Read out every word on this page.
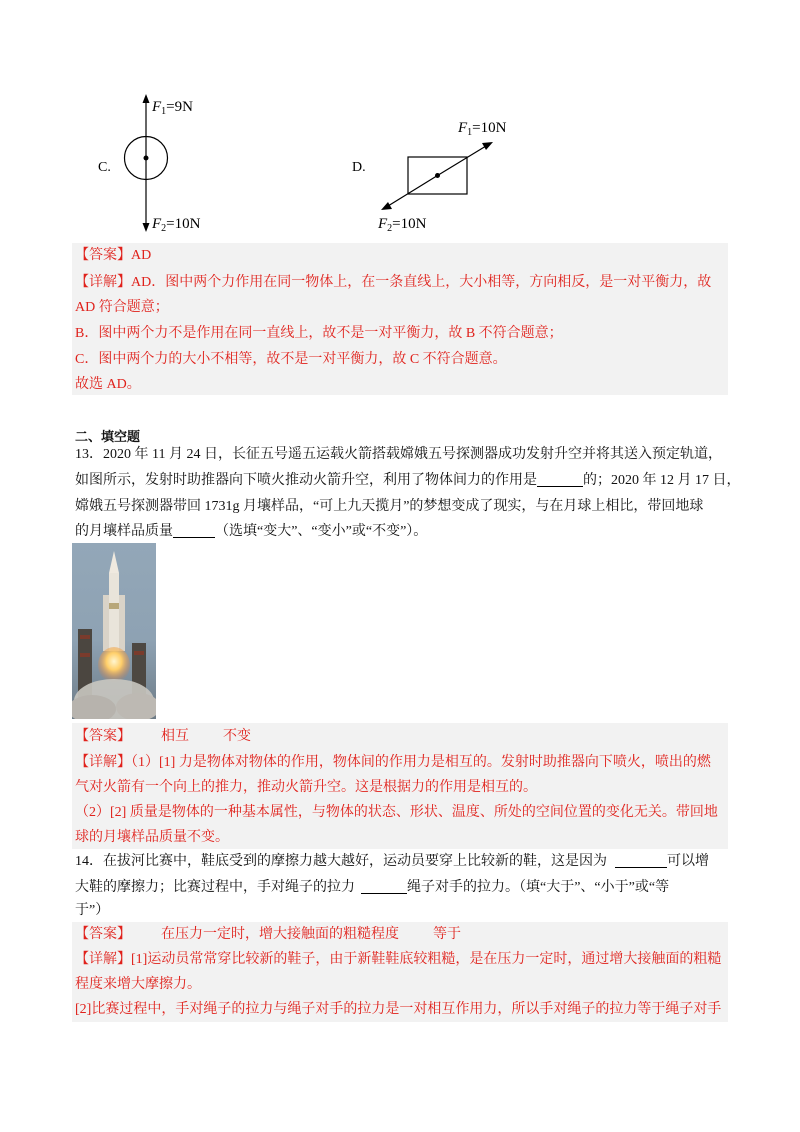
C.
$F_1=9N$
$F_2=10N$
D.
$F_1=10N$
$F_2=10N$
【答案】AD
【详解】AD．图中两个力作用在同一物体上，在一条直线上，大小相等，方向相反，是一对平衡力，故
AD 符合题意；
B．图中两个力不是作用在同一直线上，故不是一对平衡力，故 B 不符合题意；
C．图中两个力的大小不相等，故不是一对平衡力，故 C 不符合题意。
故选 AD。
二、填空题
13．2020 年 11 月 24 日，长征五号遥五运载火箭搭载嫦娥五号探测器成功发射升空并将其送入预定轨道，
如图所示，发射时助推器向下喷火推动火箭升空，利用了物体间力的作用是	的；2020 年 12 月 17 日，
嫦娥五号探测器带回 1731g 月壤样品，“可上九天揽月”的梦想变成了现实，与在月球上相比，带回地球
的月壤样品质量	（选填“变大”、“变小”或“不变”）。
【答案】 相互 不变
【详解】（1）[1] 力是物体对物体的作用，物体间的作用力是相互的。发射时助推器向下喷火，喷出的燃
气对火箭有一个向上的推力，推动火箭升空。这是根据力的作用是相互的。
（2）[2] 质量是物体的一种基本属性，与物体的状态、形状、温度、所处的空间位置的变化无关。带回地
球的月壤样品质量不变。
14．在拔河比赛中，鞋底受到的摩擦力越大越好，运动员要穿上比较新的鞋，这是因为	可以增
大鞋的摩擦力；比赛过程中，手对绳子的拉力	绳子对手的拉力。（填“大于”、“小于”或“等
于”）
【答案】 在压力一定时，增大接触面的粗糙程度 等于
【详解】[1]运动员常常穿比较新的鞋子，由于新鞋鞋底较粗糙，是在压力一定时，通过增大接触面的粗糙
程度来增大摩擦力。
[2]比赛过程中，手对绳子的拉力与绳子对手的拉力是一对相互作用力，所以手对绳子的拉力等于绳子对手
